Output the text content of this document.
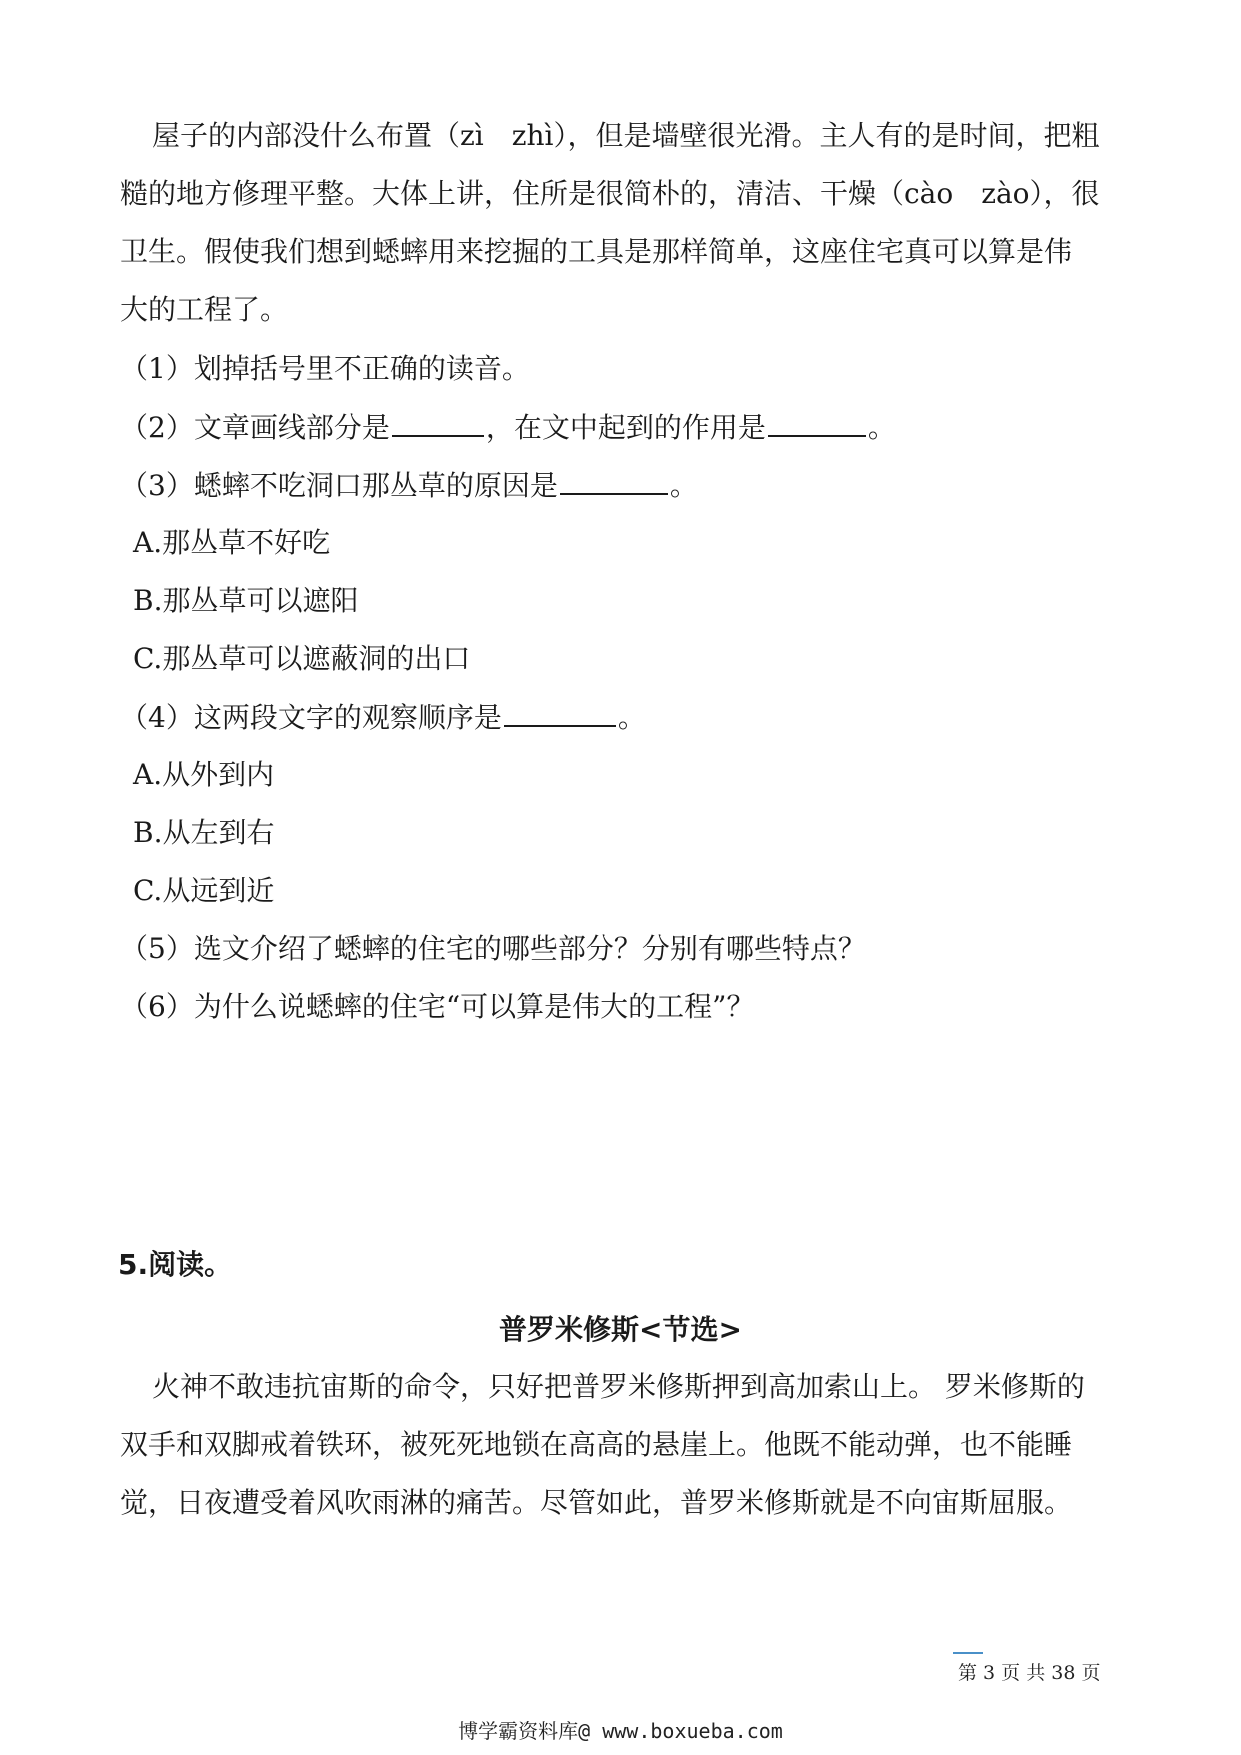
屋子的内部没什么布置（zì　zhì），但是墙壁很光滑。主人有的是时间，把粗
糙的地方修理平整。大体上讲，住所是很简朴的，清洁、干燥（cào　zào），很
卫生。假使我们想到蟋蟀用来挖掘的工具是那样简单，这座住宅真可以算是伟
大的工程了。
（1）划掉括号里不正确的读音。
（2）文章画线部分是	，在文中起到的作用是	。
（3）蟋蟀不吃洞口那丛草的原因是	。
A.那丛草不好吃
B.那丛草可以遮阳
C.那丛草可以遮蔽洞的出口
（4）这两段文字的观察顺序是	。
A.从外到内
B.从左到右
C.从远到近
（5）选文介绍了蟋蟀的住宅的哪些部分？分别有哪些特点？
（6）为什么说蟋蟀的住宅“可以算是伟大的工程”？
5.阅读。
普罗米修斯<节选>
火神不敢违抗宙斯的命令，只好把普罗米修斯押到高加索山上。 罗米修斯的
双手和双脚戒着铁环，被死死地锁在高高的悬崖上。他既不能动弹，也不能睡
觉，日夜遭受着风吹雨淋的痛苦。尽管如此，普罗米修斯就是不向宙斯屈服。
第 3 页 共 38 页
博学霸资料库@ www.boxueba.com
